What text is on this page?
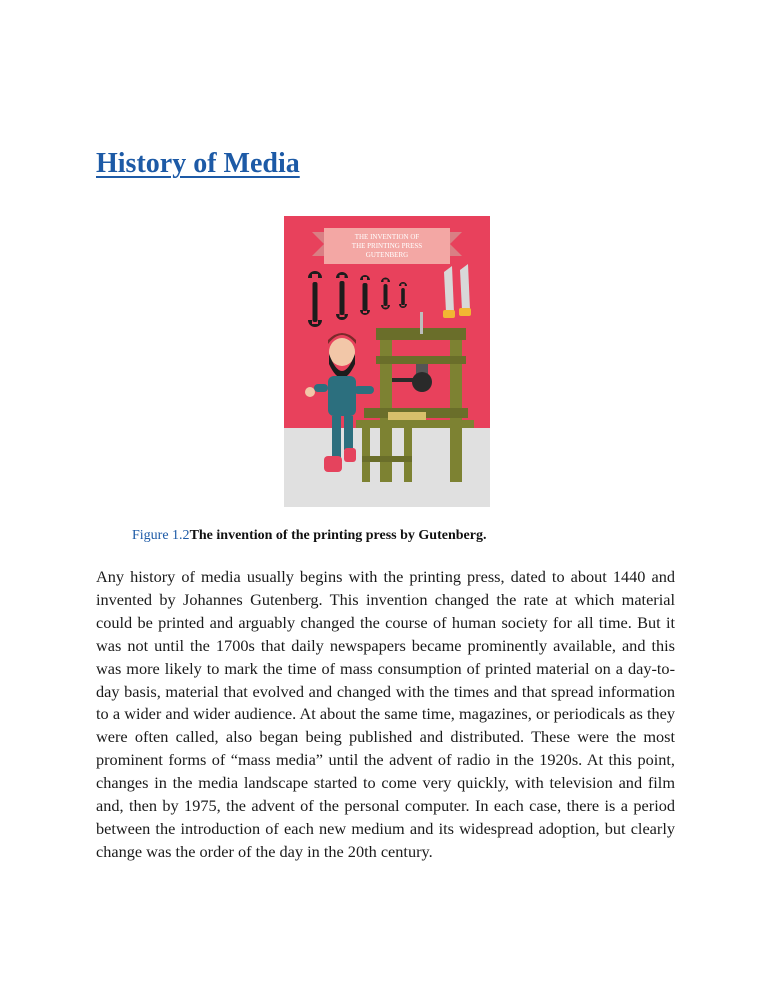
History of Media
THE INVENTION OF
THE PRINTING PRESS
GUTENBERG
Figure 1.2The invention of the printing press by Gutenberg.

Any history of media usually begins with the printing press, dated to about 1440 and invented by Johannes Gutenberg. This invention changed the rate at which material could be printed and arguably changed the course of human society for all time. But it was not until the 1700s that daily newspapers became prominently available, and this was more likely to mark the time of mass consumption of printed material on a day-to-day basis, material that evolved and changed with the times and that spread information to a wider and wider audience. At about the same time, magazines, or periodicals as they were often called, also began being published and distributed. These were the most prominent forms of “mass media” until the advent of radio in the 1920s. At this point, changes in the media landscape started to come very quickly, with television and film and, then by 1975, the advent of the personal computer. In each case, there is a period between the introduction of each new medium and its widespread adoption, but clearly change was the order of the day in the 20th century.
